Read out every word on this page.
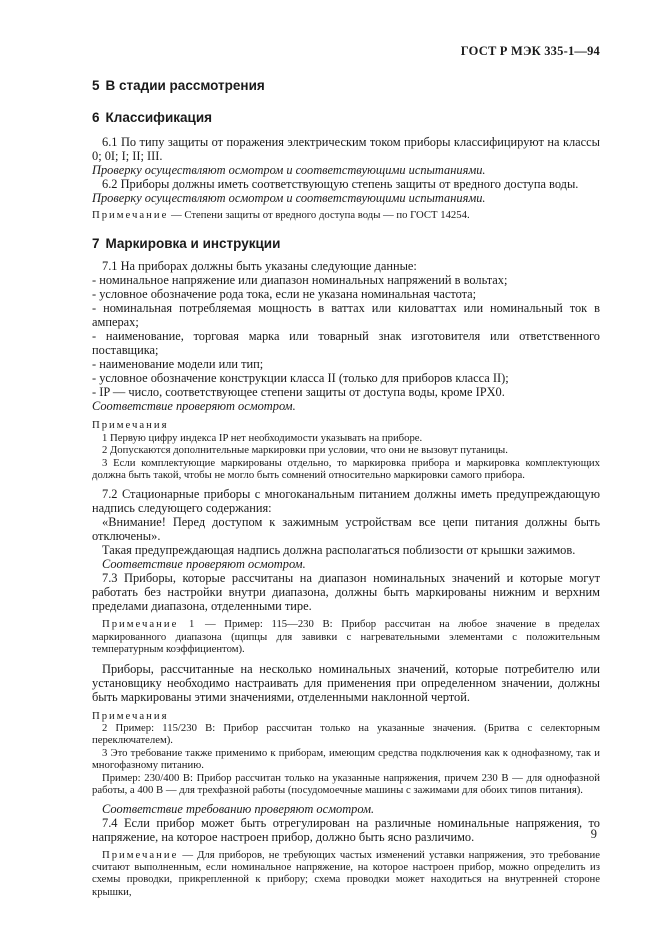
ГОСТ Р МЭК 335-1—94
5 В стадии рассмотрения
6 Классификация

6.1 По типу защиты от поражения электрическим током приборы классифицируют на классы 0; 0I; I; II; III.

Проверку осуществляют осмотром и соответствующими испытаниями.

6.2 Приборы должны иметь соответствующую степень защиты от вредного доступа воды.

Проверку осуществляют осмотром и соответствующими испытаниями.

Примечание — Степени защиты от вредного доступа воды — по ГОСТ 14254.

7 Маркировка и инструкции

7.1 На приборах должны быть указаны следующие данные:

- номинальное напряжение или диапазон номинальных напряжений в вольтах;

- условное обозначение рода тока, если не указана номинальная частота;

- номинальная потребляемая мощность в ваттах или киловаттах или номинальный ток в амперах;

- наименование, торговая марка или товарный знак изготовителя или ответственного поставщика;

- наименование модели или тип;

- условное обозначение конструкции класса II (только для приборов класса II);

- IP — число, соответствующее степени защиты от доступа воды, кроме IPX0.

Соответствие проверяют осмотром.

Примечания

1 Первую цифру индекса IP нет необходимости указывать на приборе.

2 Допускаются дополнительные маркировки при условии, что они не вызовут путаницы.

3 Если комплектующие маркированы отдельно, то маркировка прибора и маркировка комплектующих должна быть такой, чтобы не могло быть сомнений относительно маркировки самого прибора.

7.2 Стационарные приборы с многоканальным питанием должны иметь предупреждающую надпись следующего содержания:

«Внимание! Перед доступом к зажимным устройствам все цепи питания должны быть отключены».

Такая предупреждающая надпись должна располагаться поблизости от крышки зажимов.

Соответствие проверяют осмотром.

7.3 Приборы, которые рассчитаны на диапазон номинальных значений и которые могут работать без настройки внутри диапазона, должны быть маркированы нижним и верхним пределами диапазона, отделенными тире.

Примечание 1 — Пример: 115—230 В: Прибор рассчитан на любое значение в пределах маркированного диапазона (щипцы для завивки с нагревательными элементами с положительным температурным коэффициентом).

Приборы, рассчитанные на несколько номинальных значений, которые потребителю или установщику необходимо настраивать для применения при определенном значении, должны быть маркированы этими значениями, отделенными наклонной чертой.

Примечания

2 Пример: 115/230 В: Прибор рассчитан только на указанные значения. (Бритва с селекторным переключателем).

3 Это требование также применимо к приборам, имеющим средства подключения как к однофазному, так и многофазному питанию.

Пример: 230/400 В: Прибор рассчитан только на указанные напряжения, причем 230 В — для однофазной работы, а 400 В — для трехфазной работы (посудомоечные машины с зажимами для обоих типов питания).

Соответствие требованию проверяют осмотром.

7.4 Если прибор может быть отрегулирован на различные номинальные напряжения, то напряжение, на которое настроен прибор, должно быть ясно различимо.

Примечание — Для приборов, не требующих частых изменений уставки напряжения, это требование считают выполненным, если номинальное напряжение, на которое настроен прибор, можно определить из схемы проводки, прикрепленной к прибору; схема проводки может находиться на внутренней стороне крышки,

9
